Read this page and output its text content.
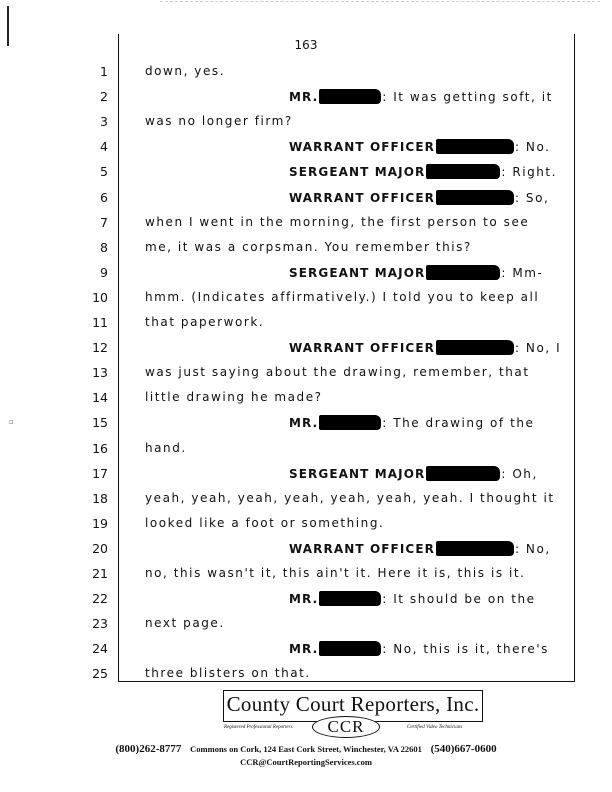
▫
163
1	down, yes.
2	MR.	: It was getting soft, it
3	was no longer firm?
4	WARRANT OFFICER	: No.
5	SERGEANT MAJOR	: Right.
6	WARRANT OFFICER	: So,
7	when I went in the morning, the first person to see
8	me, it was a corpsman. You remember this?
9	SERGEANT MAJOR	: Mm-
10	hmm. (Indicates affirmatively.) I told you to keep all
11	that paperwork.
12	WARRANT OFFICER	: No, I
13	was just saying about the drawing, remember, that
14	little drawing he made?
15	MR.	: The drawing of the
16	hand.
17	SERGEANT MAJOR	: Oh,
18	yeah, yeah, yeah, yeah, yeah, yeah, yeah. I thought it
19	looked like a foot or something.
20	WARRANT OFFICER	: No,
21	no, this wasn't it, this ain't it. Here it is, this is it.
22	MR.	: It should be on the
23	next page.
24	MR.	: No, this is it, there's
25	three blisters on that.
County Court Reporters, Inc.
CCR
Registered Professional Reporters	Certified Video Technicians
(800)262-8777 Commons on Cork, 124 East Cork Street, Winchester, VA 22601 (540)667-0600
CCR@CourtReportingServices.com
